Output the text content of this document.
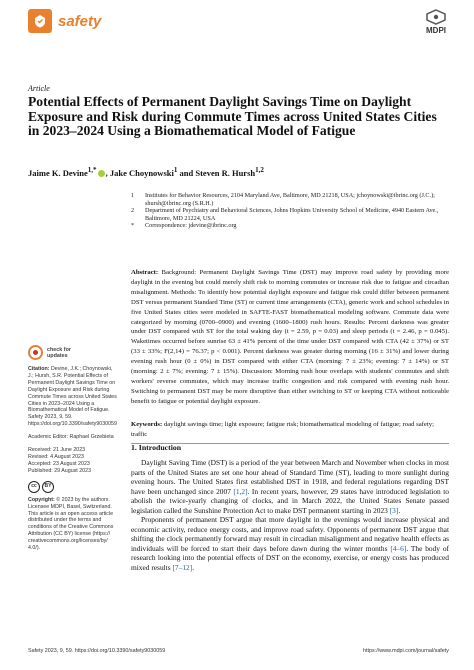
safety
MDPI
Article
Potential Effects of Permanent Daylight Savings Time on Daylight Exposure and Risk during Commute Times across United States Cities in 2023–2024 Using a Biomathematical Model of Fatigue
Jaime K. Devine$^{1,*}$ , Jake Choynowski$^1$ and Steven R. Hursh$^{1,2}$
1	Institutes for Behavior Resources, 2104 Maryland Ave, Baltimore, MD 21218, USA; jchoynowski@ibrinc.org (J.C.); shursh@ibrinc.org (S.R.H.)
2	Department of Psychiatry and Behavioral Sciences, Johns Hopkins University School of Medicine, 4940 Eastern Ave., Baltimore, MD 21224, USA
*	Correspondence: jdevine@ibrinc.org
Abstract: Background: Permanent Daylight Savings Time (DST) may improve road safety by providing more daylight in the evening but could merely shift risk to morning commutes or increase risk due to fatigue and circadian misalignment. Methods: To identify how potential daylight exposure and fatigue risk could differ between permanent DST versus permanent Standard Time (ST) or current time arrangements (CTA), generic work and school schedules in five United States cities were modeled in SAFTE-FAST biomathematical modeling software. Commute data were categorized by morning (0700–0900) and evening (1600–1800) rush hours. Results: Percent darkness was greater under DST compared with ST for the total waking day (t = 2.59, p = 0.03) and sleep periods (t = 2.46, p = 0.045). Waketimes occurred before sunrise 63 ± 41% percent of the time under DST compared with CTA (42 ± 37%) or ST (33 ± 33%; F(2,14) = 76.37; p < 0.001). Percent darkness was greater during morning (16 ± 31%) and lower during evening rush hour (0 ± 0%) in DST compared with either CTA (morning: 7 ± 23%; evening: 7 ± 14%) or ST (morning: 2 ± 7%; evening: 7 ± 15%). Discussion: Morning rush hour overlaps with students' commutes and shift workers' reverse commutes, which may increase traffic congestion and risk compared with evening rush hour. Switching to permanent DST may be more disruptive than either switching to ST or keeping CTA without noticeable benefit to fatigue or potential daylight exposure.
Keywords: daylight savings time; light exposure; fatigue risk; biomathematical modeling of fatigue; road safety; traffic
check for
updates
Citation: Devine, J.K.; Choynowski, J.; Hursh, S.R. Potential Effects of Permanent Daylight Savings Time on Daylight Exposure and Risk during Commute Times across United States Cities in 2023–2024 Using a Biomathematical Model of Fatigue. Safety 2023, 9, 59. https://doi.org/10.3390/safety9030059
Academic Editor: Raphael Grzebieta
Received: 21 June 2023
Revised: 4 August 2023
Accepted: 23 August 2023
Published: 29 August 2023
cc	BY
Copyright: © 2023 by the authors. Licensee MDPI, Basel, Switzerland. This article is an open access article distributed under the terms and conditions of the Creative Commons Attribution (CC BY) license (https:// creativecommons.org/licenses/by/ 4.0/).
1. Introduction

Daylight Saving Time (DST) is a period of the year between March and November when clocks in most parts of the United States are set one hour ahead of Standard Time (ST), leading to more sunlight during evening hours. The United States first established DST in 1918, and federal regulations regarding DST have been unchanged since 2007 [1,2]. In recent years, however, 29 states have introduced legislation to abolish the twice-yearly changing of clocks, and in March 2022, the United States Senate passed legislation called the Sunshine Protection Act to make DST permanent starting in 2023 [3].

Proponents of permanent DST argue that more daylight in the evenings would increase physical and economic activity, reduce energy costs, and improve road safety. Opponents of permanent DST argue that shifting the clock permanently forward may result in circadian misalignment and negative health effects as individuals will be forced to start their days before dawn during the winter months [4–6]. The body of research looking into the potential effects of DST on the economy, exercise, or energy costs has produced mixed results [7–12].

Safety 2023, 9, 59. https://doi.org/10.3390/safety9030059	https://www.mdpi.com/journal/safety
